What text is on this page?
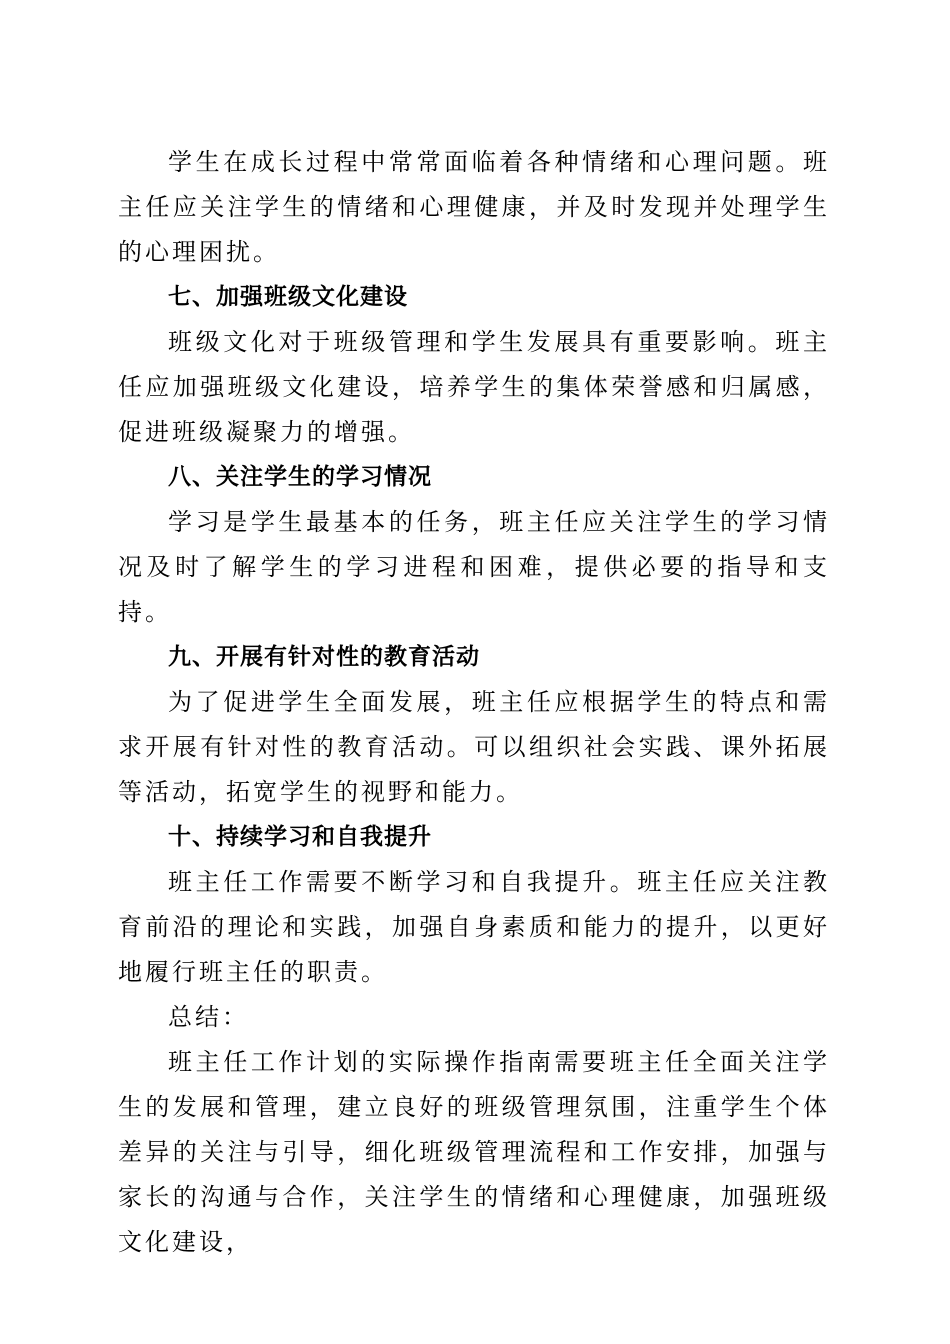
学生在成长过程中常常面临着各种情绪和心理问题。班主任应关注学生的情绪和心理健康，并及时发现并处理学生的心理困扰。

七、加强班级文化建设

班级文化对于班级管理和学生发展具有重要影响。班主任应加强班级文化建设，培养学生的集体荣誉感和归属感，促进班级凝聚力的增强。

八、关注学生的学习情况

学习是学生最基本的任务，班主任应关注学生的学习情况及时了解学生的学习进程和困难，提供必要的指导和支持。

九、开展有针对性的教育活动

为了促进学生全面发展，班主任应根据学生的特点和需求开展有针对性的教育活动。可以组织社会实践、课外拓展等活动，拓宽学生的视野和能力。

十、持续学习和自我提升

班主任工作需要不断学习和自我提升。班主任应关注教育前沿的理论和实践，加强自身素质和能力的提升，以更好地履行班主任的职责。

总结：

班主任工作计划的实际操作指南需要班主任全面关注学生的发展和管理，建立良好的班级管理氛围，注重学生个体差异的关注与引导，细化班级管理流程和工作安排，加强与家长的沟通与合作，关注学生的情绪和心理健康，加强班级文化建设，
